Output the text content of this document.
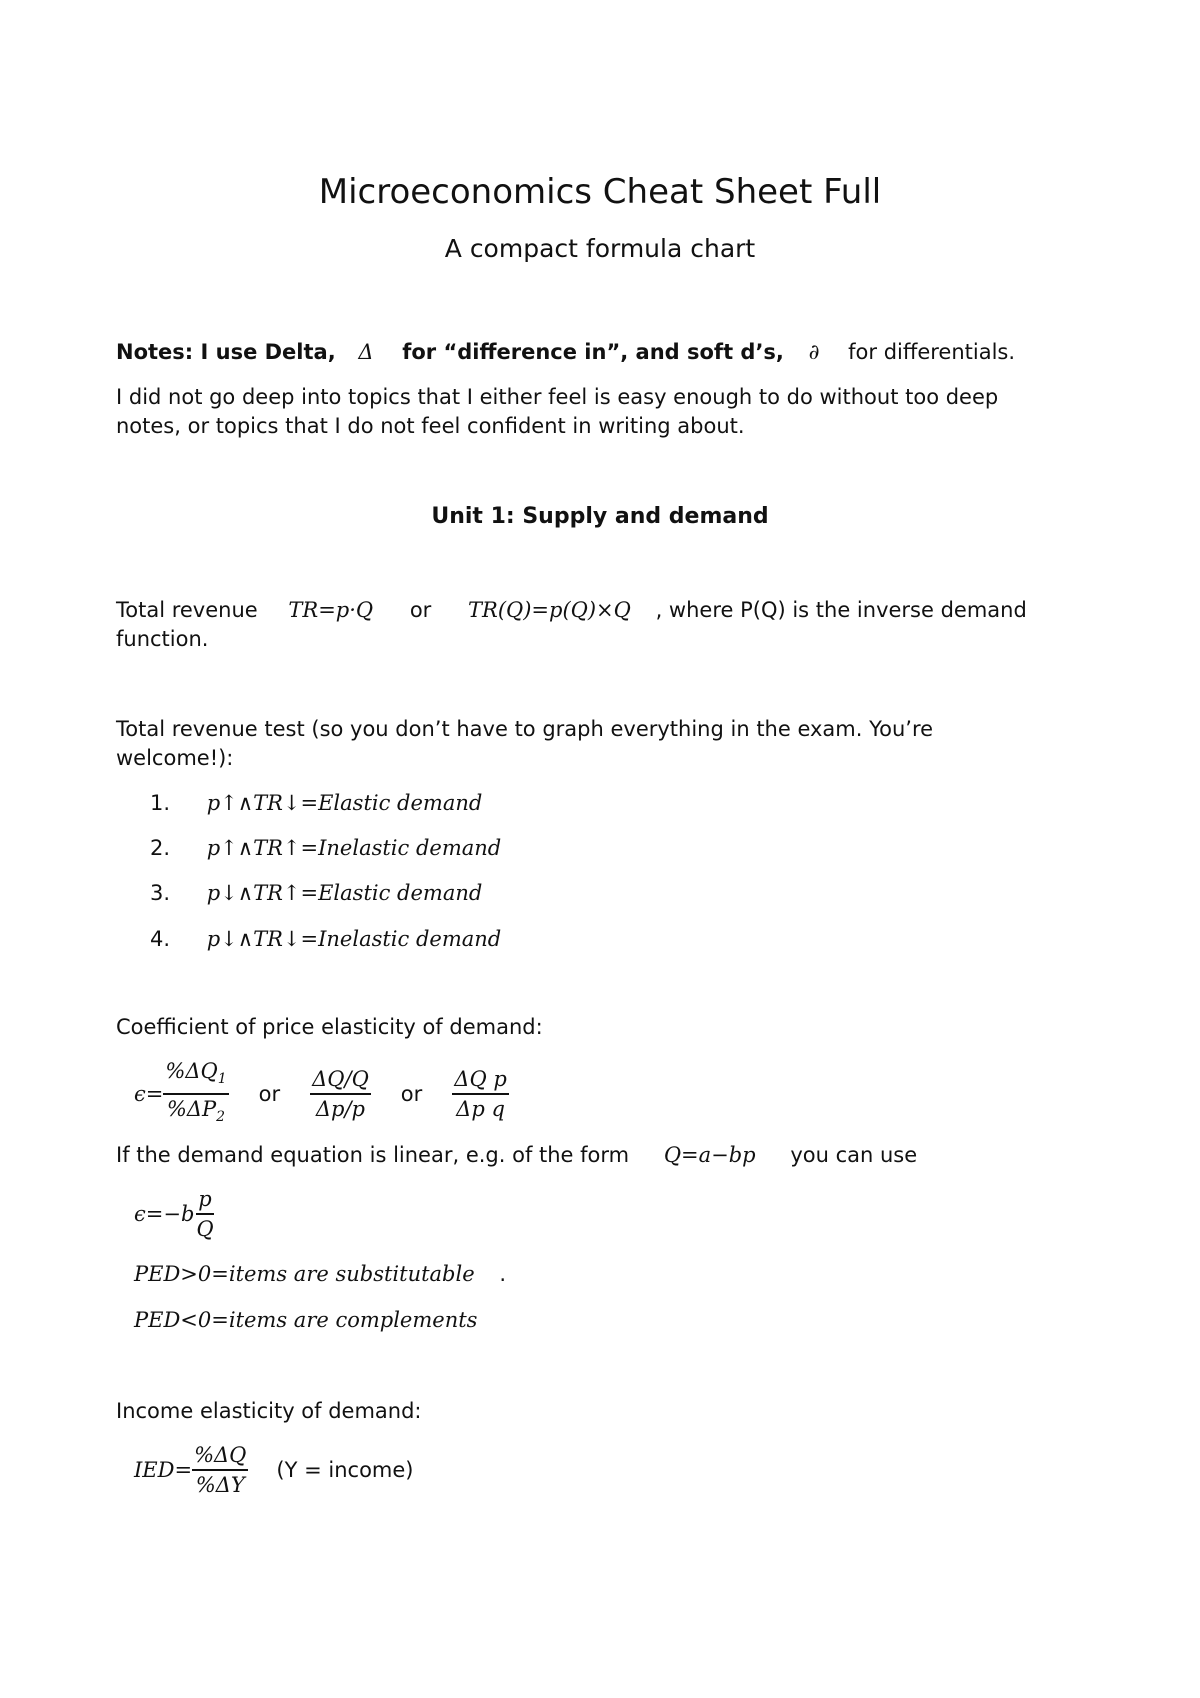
Microeconomics Cheat Sheet Full
A compact formula chart
Notes: I use Delta, Δ for “difference in”, and soft d’s, ∂ for differentials.
I did not go deep into topics that I either feel is easy enough to do without too deep
notes, or topics that I do not feel confident in writing about.
Unit 1: Supply and demand
Total revenue TR=p·Q or TR(Q)=p(Q)×Q , where P(Q) is the inverse demand
function.
Total revenue test (so you don’t have to graph everything in the exam. You’re
welcome!):
1. p↑∧TR↓=Elastic demand
2. p↑∧TR↑=Inelastic demand
3. p↓∧TR↑=Elastic demand
4. p↓∧TR↓=Inelastic demand
Coefficient of price elasticity of demand:
$\epsilon= \frac{\%\Delta Q_1}{\%\Delta P_2}$ or $\frac{\Delta Q/Q}{\Delta p/p}$ or $\frac{\text{ΔQ p}}{\text{Δp q}}$
If the demand equation is linear, e.g. of the form Q=a−bp you can use
$\epsilon=-b \frac{p}{Q}$
PED>0=items are substitutable .
PED<0=items are complements
Income elasticity of demand:
$IED= \frac{\%\Delta Q}{\%\Delta Y} (Y$ = income)
